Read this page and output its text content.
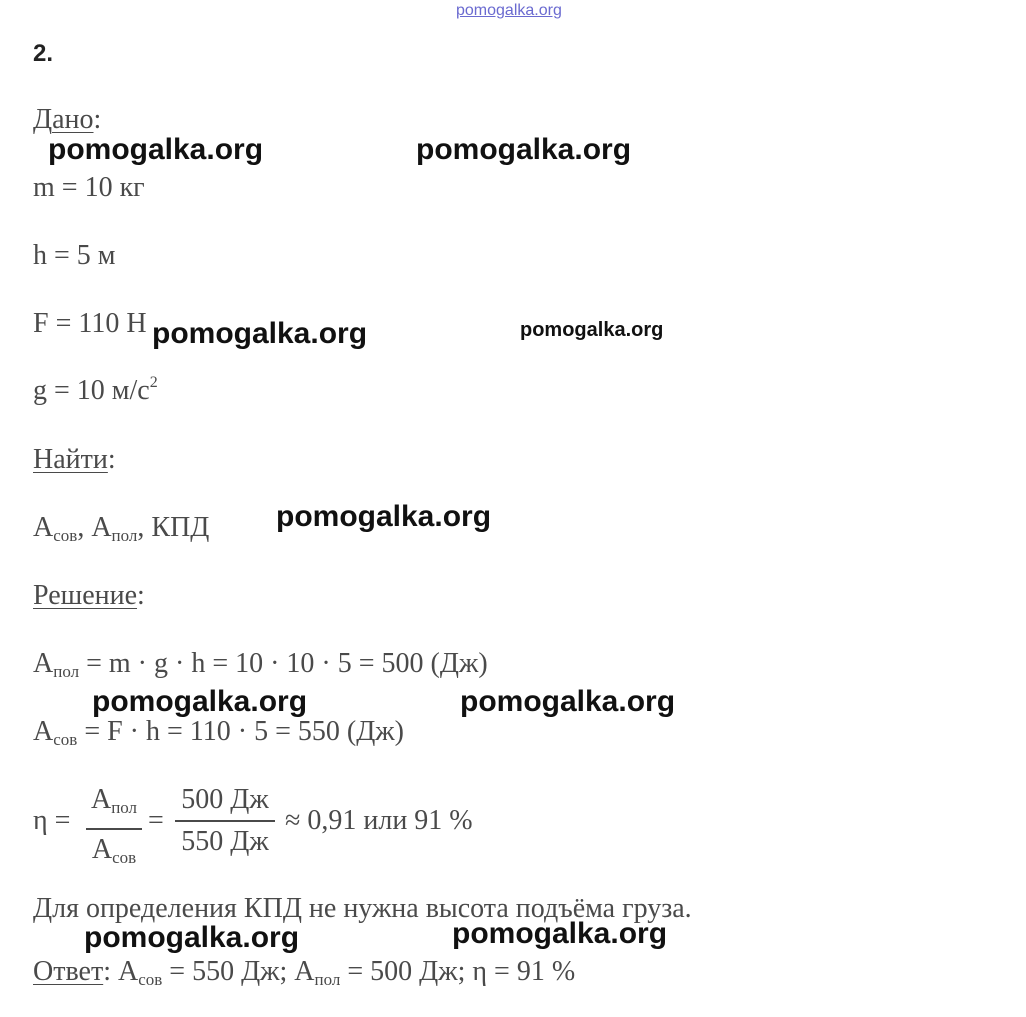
pomogalka.org
2.
Дано:
m = 10 кг
h = 5 м
F = 110 Н
g = 10 $м/с^2$
Найти:
$A_{сов}$, $A_{пол}$, КПД
Решение:
$A_{пол} = m \cdot g \cdot h = 10 \cdot 10 \cdot 5 = 500$ (Дж)
$A_{сов} = F \cdot h = 110 \cdot 5 = 550$ (Дж)
η =
$A_{пол}$
$A_{сов}$
=
500 Дж
550 Дж
≈ 0,91 или 91 %
Для определения КПД не нужна высота подъёма груза.
Ответ: $A_{сов} = 550$ Дж; $A_{пол} = 500$ Дж; η = 91 %
pomogalka.org	pomogalka.org
pomogalka.org	pomogalka.org
pomogalka.org
pomogalka.org	pomogalka.org
pomogalka.org	pomogalka.org
